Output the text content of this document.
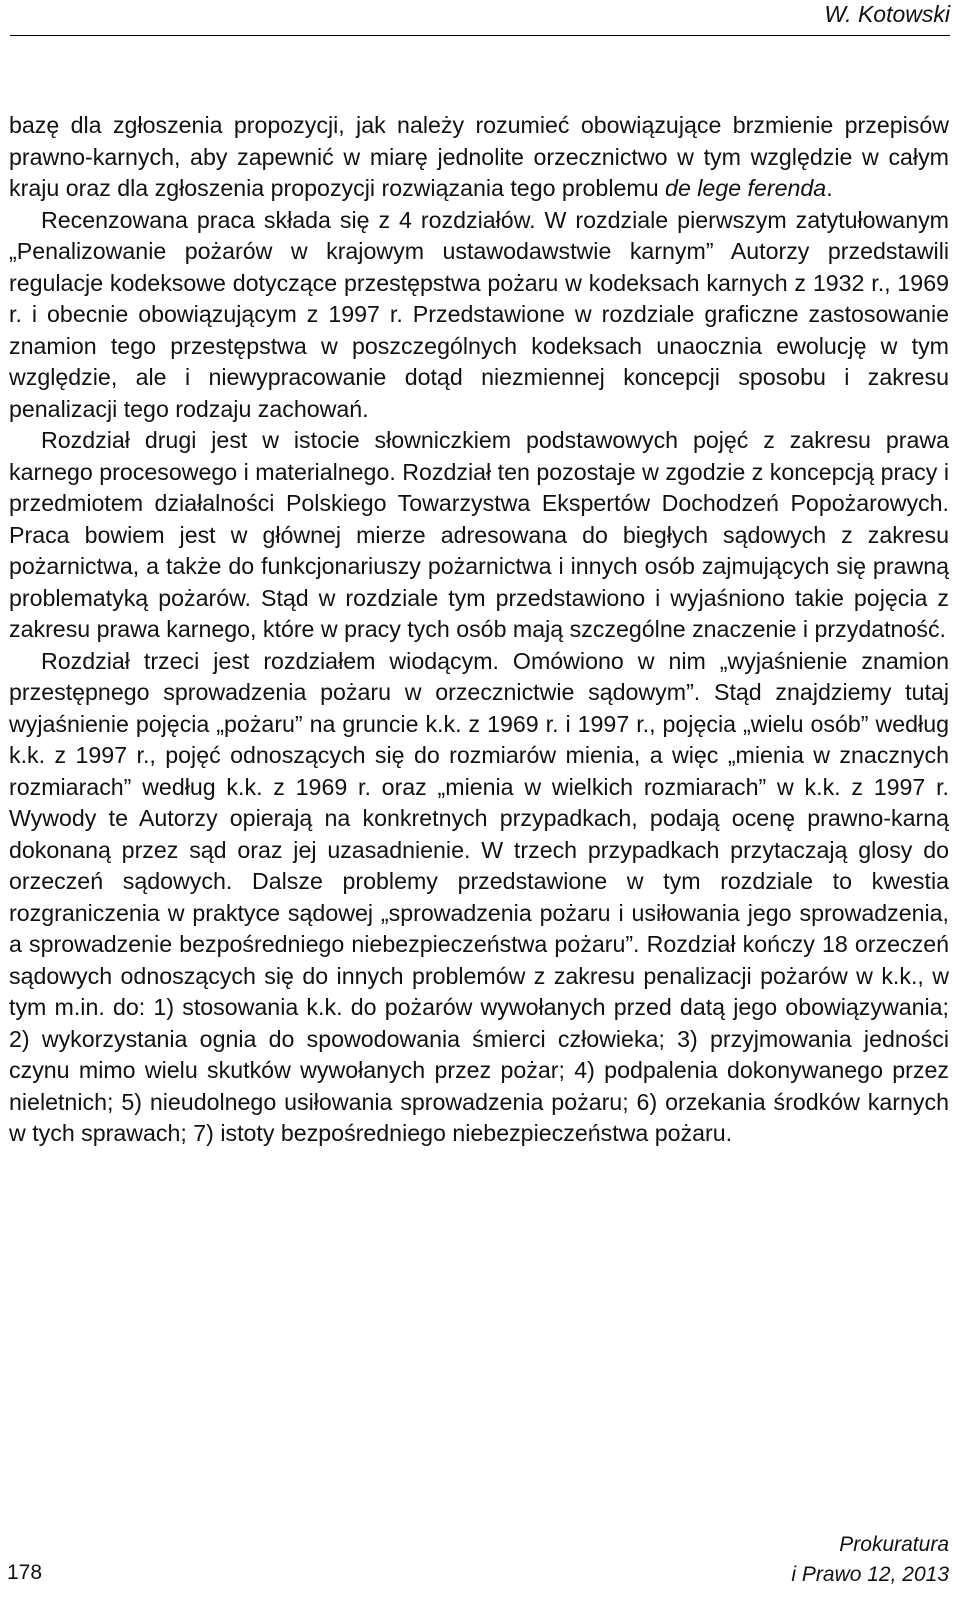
W. Kotowski

bazę dla zgłoszenia propozycji, jak należy rozumieć obowiązujące brzmienie przepisów prawno-karnych, aby zapewnić w miarę jednolite orzecznictwo w tym względzie w całym kraju oraz dla zgłoszenia propozycji rozwiązania tego problemu de lege ferenda.

Recenzowana praca składa się z 4 rozdziałów. W rozdziale pierwszym zatytułowanym „Penalizowanie pożarów w krajowym ustawodawstwie karnym” Autorzy przedstawili regulacje kodeksowe dotyczące przestępstwa pożaru w kodeksach karnych z 1932 r., 1969 r. i obecnie obowiązującym z 1997 r. Przedstawione w rozdziale graficzne zastosowanie znamion tego przestępstwa w poszczególnych kodeksach unaocznia ewolucję w tym względzie, ale i niewypracowanie dotąd niezmiennej koncepcji sposobu i zakresu penalizacji tego rodzaju zachowań.

Rozdział drugi jest w istocie słowniczkiem podstawowych pojęć z zakresu prawa karnego procesowego i materialnego. Rozdział ten pozostaje w zgodzie z koncepcją pracy i przedmiotem działalności Polskiego Towarzystwa Ekspertów Dochodzeń Popożarowych. Praca bowiem jest w głównej mierze adresowana do biegłych sądowych z zakresu pożarnictwa, a także do funkcjonariuszy pożarnictwa i innych osób zajmujących się prawną problematyką pożarów. Stąd w rozdziale tym przedstawiono i wyjaśniono takie pojęcia z zakresu prawa karnego, które w pracy tych osób mają szczególne znaczenie i przydatność.

Rozdział trzeci jest rozdziałem wiodącym. Omówiono w nim „wyjaśnienie znamion przestępnego sprowadzenia pożaru w orzecznictwie sądowym”. Stąd znajdziemy tutaj wyjaśnienie pojęcia „pożaru” na gruncie k.k. z 1969 r. i 1997 r., pojęcia „wielu osób” według k.k. z 1997 r., pojęć odnoszących się do rozmiarów mienia, a więc „mienia w znacznych rozmiarach” według k.k. z 1969 r. oraz „mienia w wielkich rozmiarach” w k.k. z 1997 r. Wywody te Autorzy opierają na konkretnych przypadkach, podają ocenę prawno-karną dokonaną przez sąd oraz jej uzasadnienie. W trzech przypadkach przytaczają glosy do orzeczeń sądowych. Dalsze problemy przedstawione w tym rozdziale to kwestia rozgraniczenia w praktyce sądowej „sprowadzenia pożaru i usiłowania jego sprowadzenia, a sprowadzenie bezpośredniego niebezpieczeństwa pożaru”. Rozdział kończy 18 orzeczeń sądowych odnoszących się do innych problemów z zakresu penalizacji pożarów w k.k., w tym m.in. do: 1) stosowania k.k. do pożarów wywołanych przed datą jego obowiązywania; 2) wykorzystania ognia do spowodowania śmierci człowieka; 3) przyjmowania jedności czynu mimo wielu skutków wywołanych przez pożar; 4) podpalenia dokonywanego przez nieletnich; 5) nieudolnego usiłowania sprowadzenia pożaru; 6) orzekania środków karnych w tych sprawach; 7) istoty bezpośredniego niebezpieczeństwa pożaru.

178
Prokuratura
i Prawo 12, 2013
